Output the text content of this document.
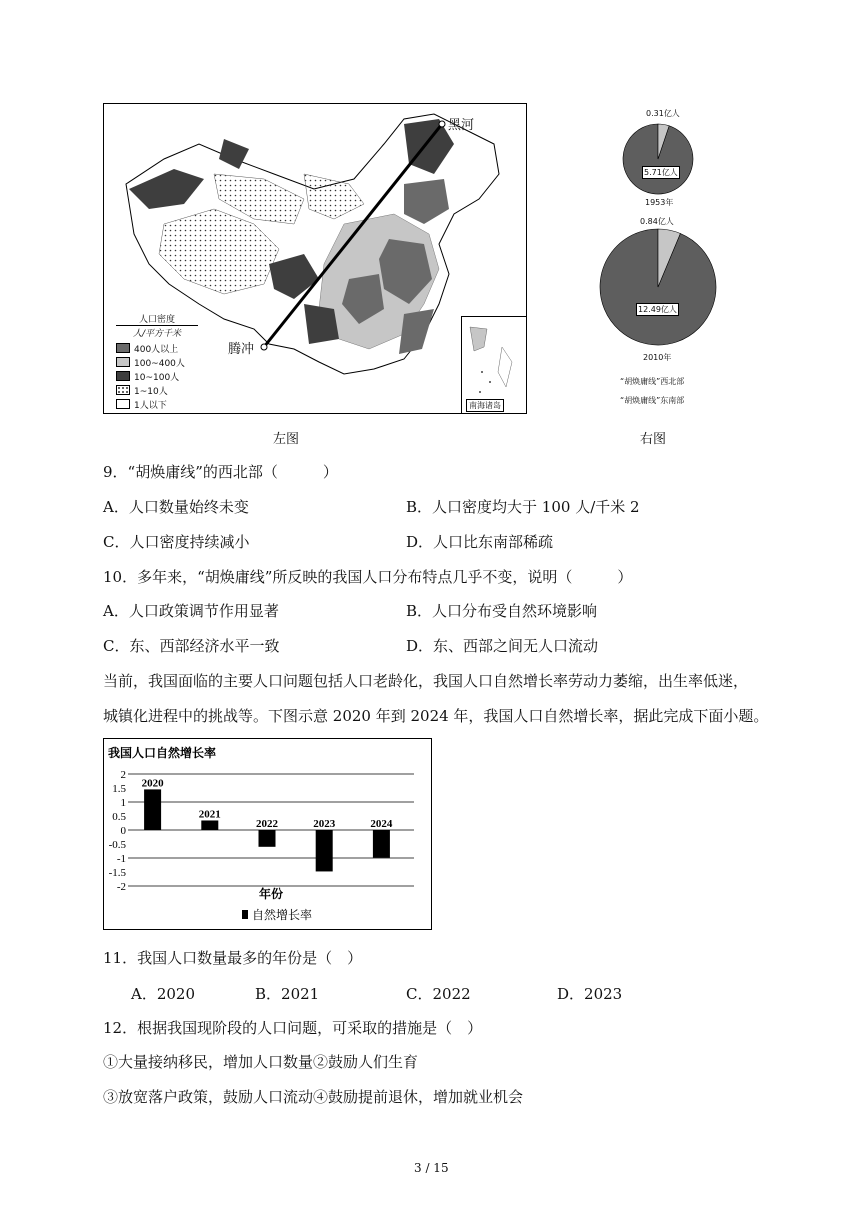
黑河
腾冲
南海诸岛
人口密度
人/平方千米
400人以上
100~400人
10~100人
1~10人
1人以下
0.31亿人
5.71亿人
1953年
0.84亿人
12.49亿人
2010年
“胡焕庸线”西北部
“胡焕庸线”东南部
左图	右图
9．“胡焕庸线”的西北部（　　　）
A．人口数量始终未变	B．人口密度均大于 100 人/千米 2
C．人口密度持续减小	D．人口比东南部稀疏
10．多年来，“胡焕庸线”所反映的我国人口分布特点几乎不变，说明（　　　）
A．人口政策调节作用显著	B．人口分布受自然环境影响
C．东、西部经济水平一致	D．东、西部之间无人口流动
当前，我国面临的主要人口问题包括人口老龄化，我国人口自然增长率劳动力萎缩，出生率低迷，
城镇化进程中的挑战等。下图示意 2020 年到 2024 年，我国人口自然增长率，据此完成下面小题。
我国人口自然增长率
2
1.5
1
0.5
0
-0.5
-1
-1.5
-2
2020
2021
2022	2023	2024
年份
自然增长率
11．我国人口数量最多的年份是（　）
A．2020	B．2021	C．2022	D．2023
12．根据我国现阶段的人口问题，可采取的措施是（　）
①大量接纳移民，增加人口数量②鼓励人们生育
③放宽落户政策，鼓励人口流动④鼓励提前退休，增加就业机会
3 / 15
